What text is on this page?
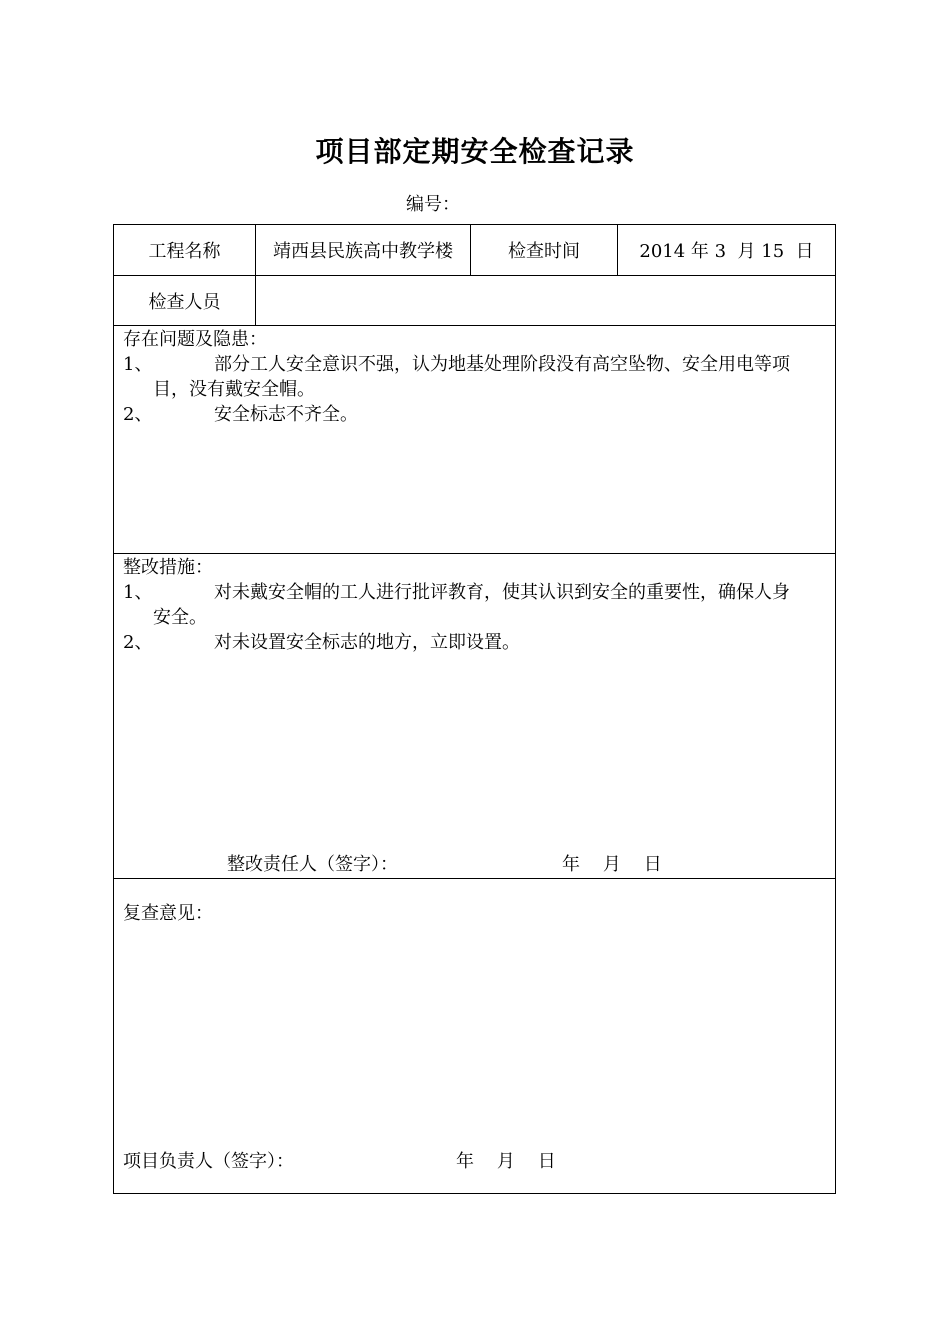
项目部定期安全检查记录
编号：
工程名称	靖西县民族高中教学楼	检查时间	2014 年 3  月 15  日
检查人员
存在问题及隐患：
1、	部分工人安全意识不强，认为地基处理阶段没有高空坠物、安全用电等项
目，没有戴安全帽。
2、	安全标志不齐全。
整改措施：
1、	对未戴安全帽的工人进行批评教育，使其认识到安全的重要性，确保人身
安全。
2、	对未设置安全标志的地方，立即设置。
整改责任人（签字）：	年    月    日
复查意见：
项目负责人（签字）：	年    月    日
